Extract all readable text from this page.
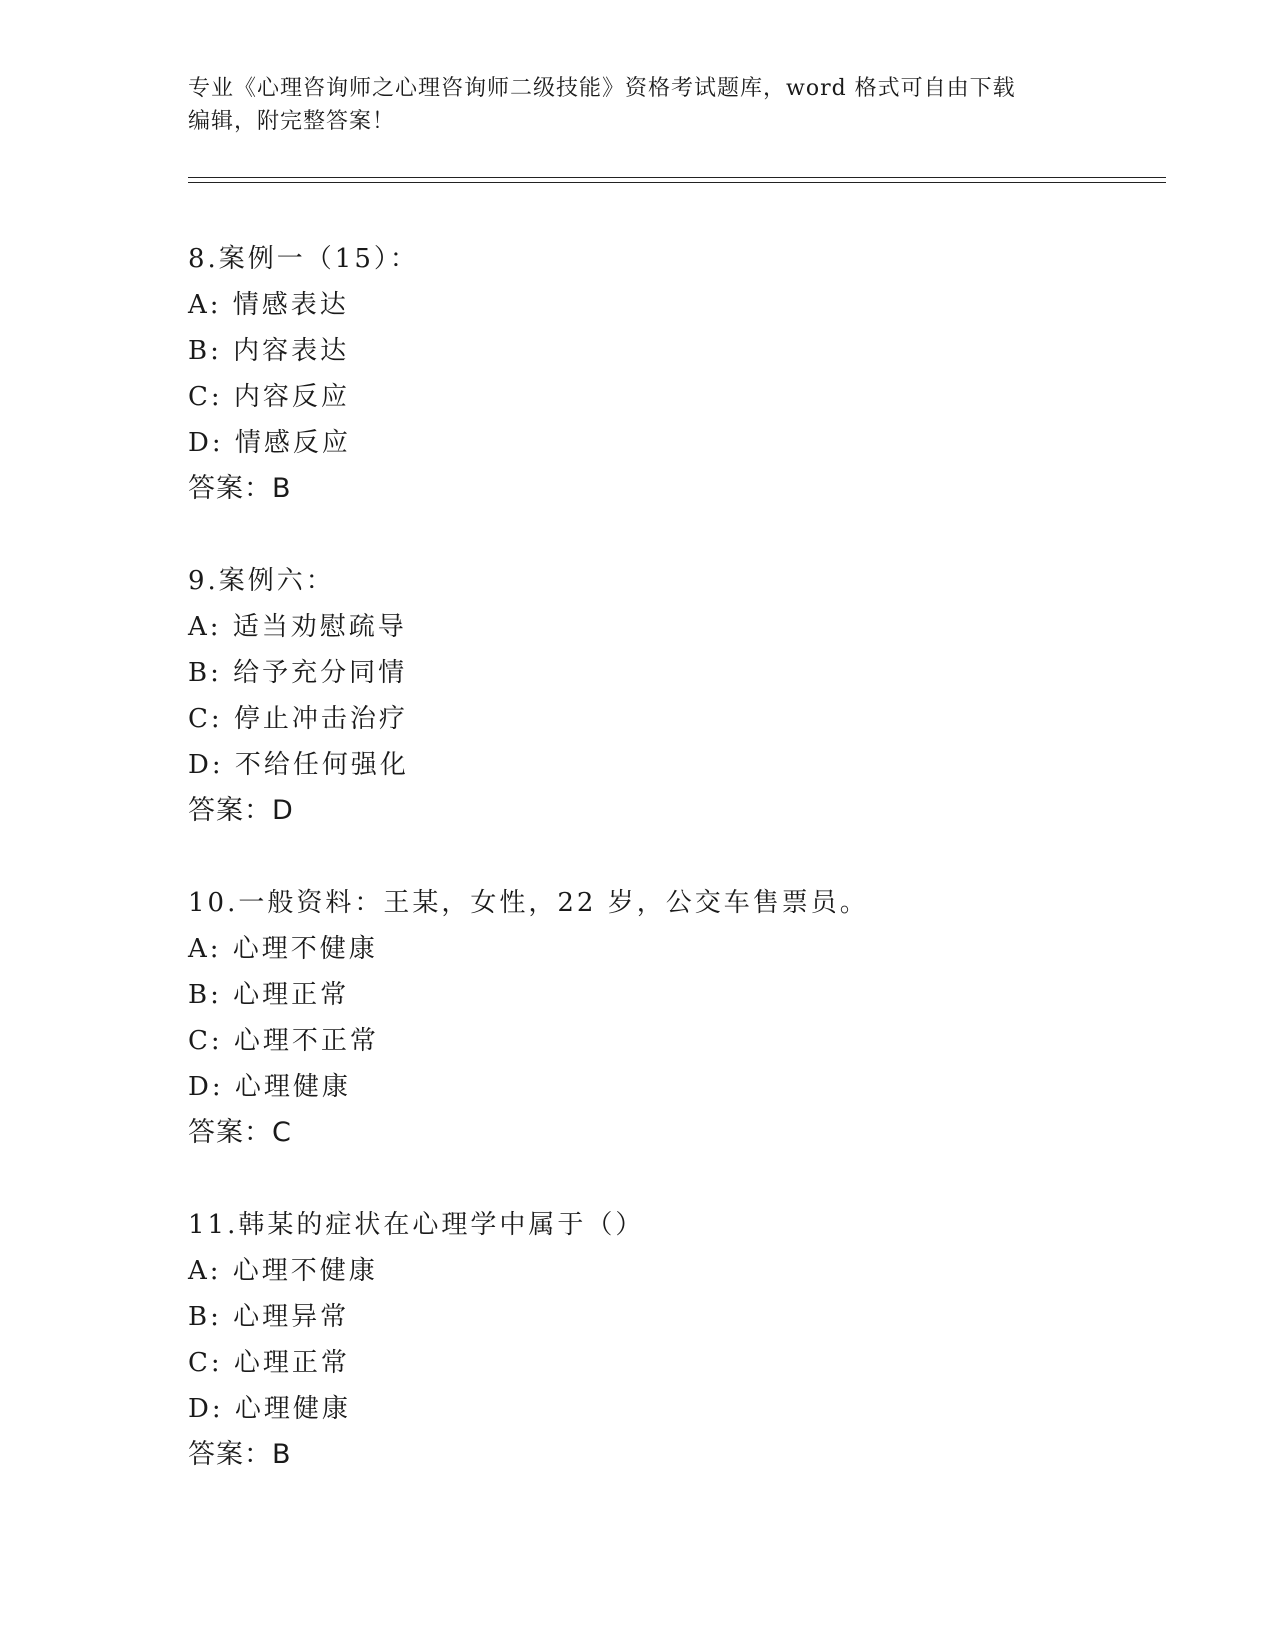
专业《心理咨询师之心理咨询师二级技能》资格考试题库，word 格式可自由下载
编辑，附完整答案！
8.案例一（15）：
A: 情感表达
B: 内容表达
C: 内容反应
D: 情感反应
答案：B
9.案例六：
A: 适当劝慰疏导
B: 给予充分同情
C: 停止冲击治疗
D: 不给任何强化
答案：D
10.一般资料：王某，女性，22 岁，公交车售票员。
A: 心理不健康
B: 心理正常
C: 心理不正常
D: 心理健康
答案：C
11.韩某的症状在心理学中属于（）
A: 心理不健康
B: 心理异常
C: 心理正常
D: 心理健康
答案：B
